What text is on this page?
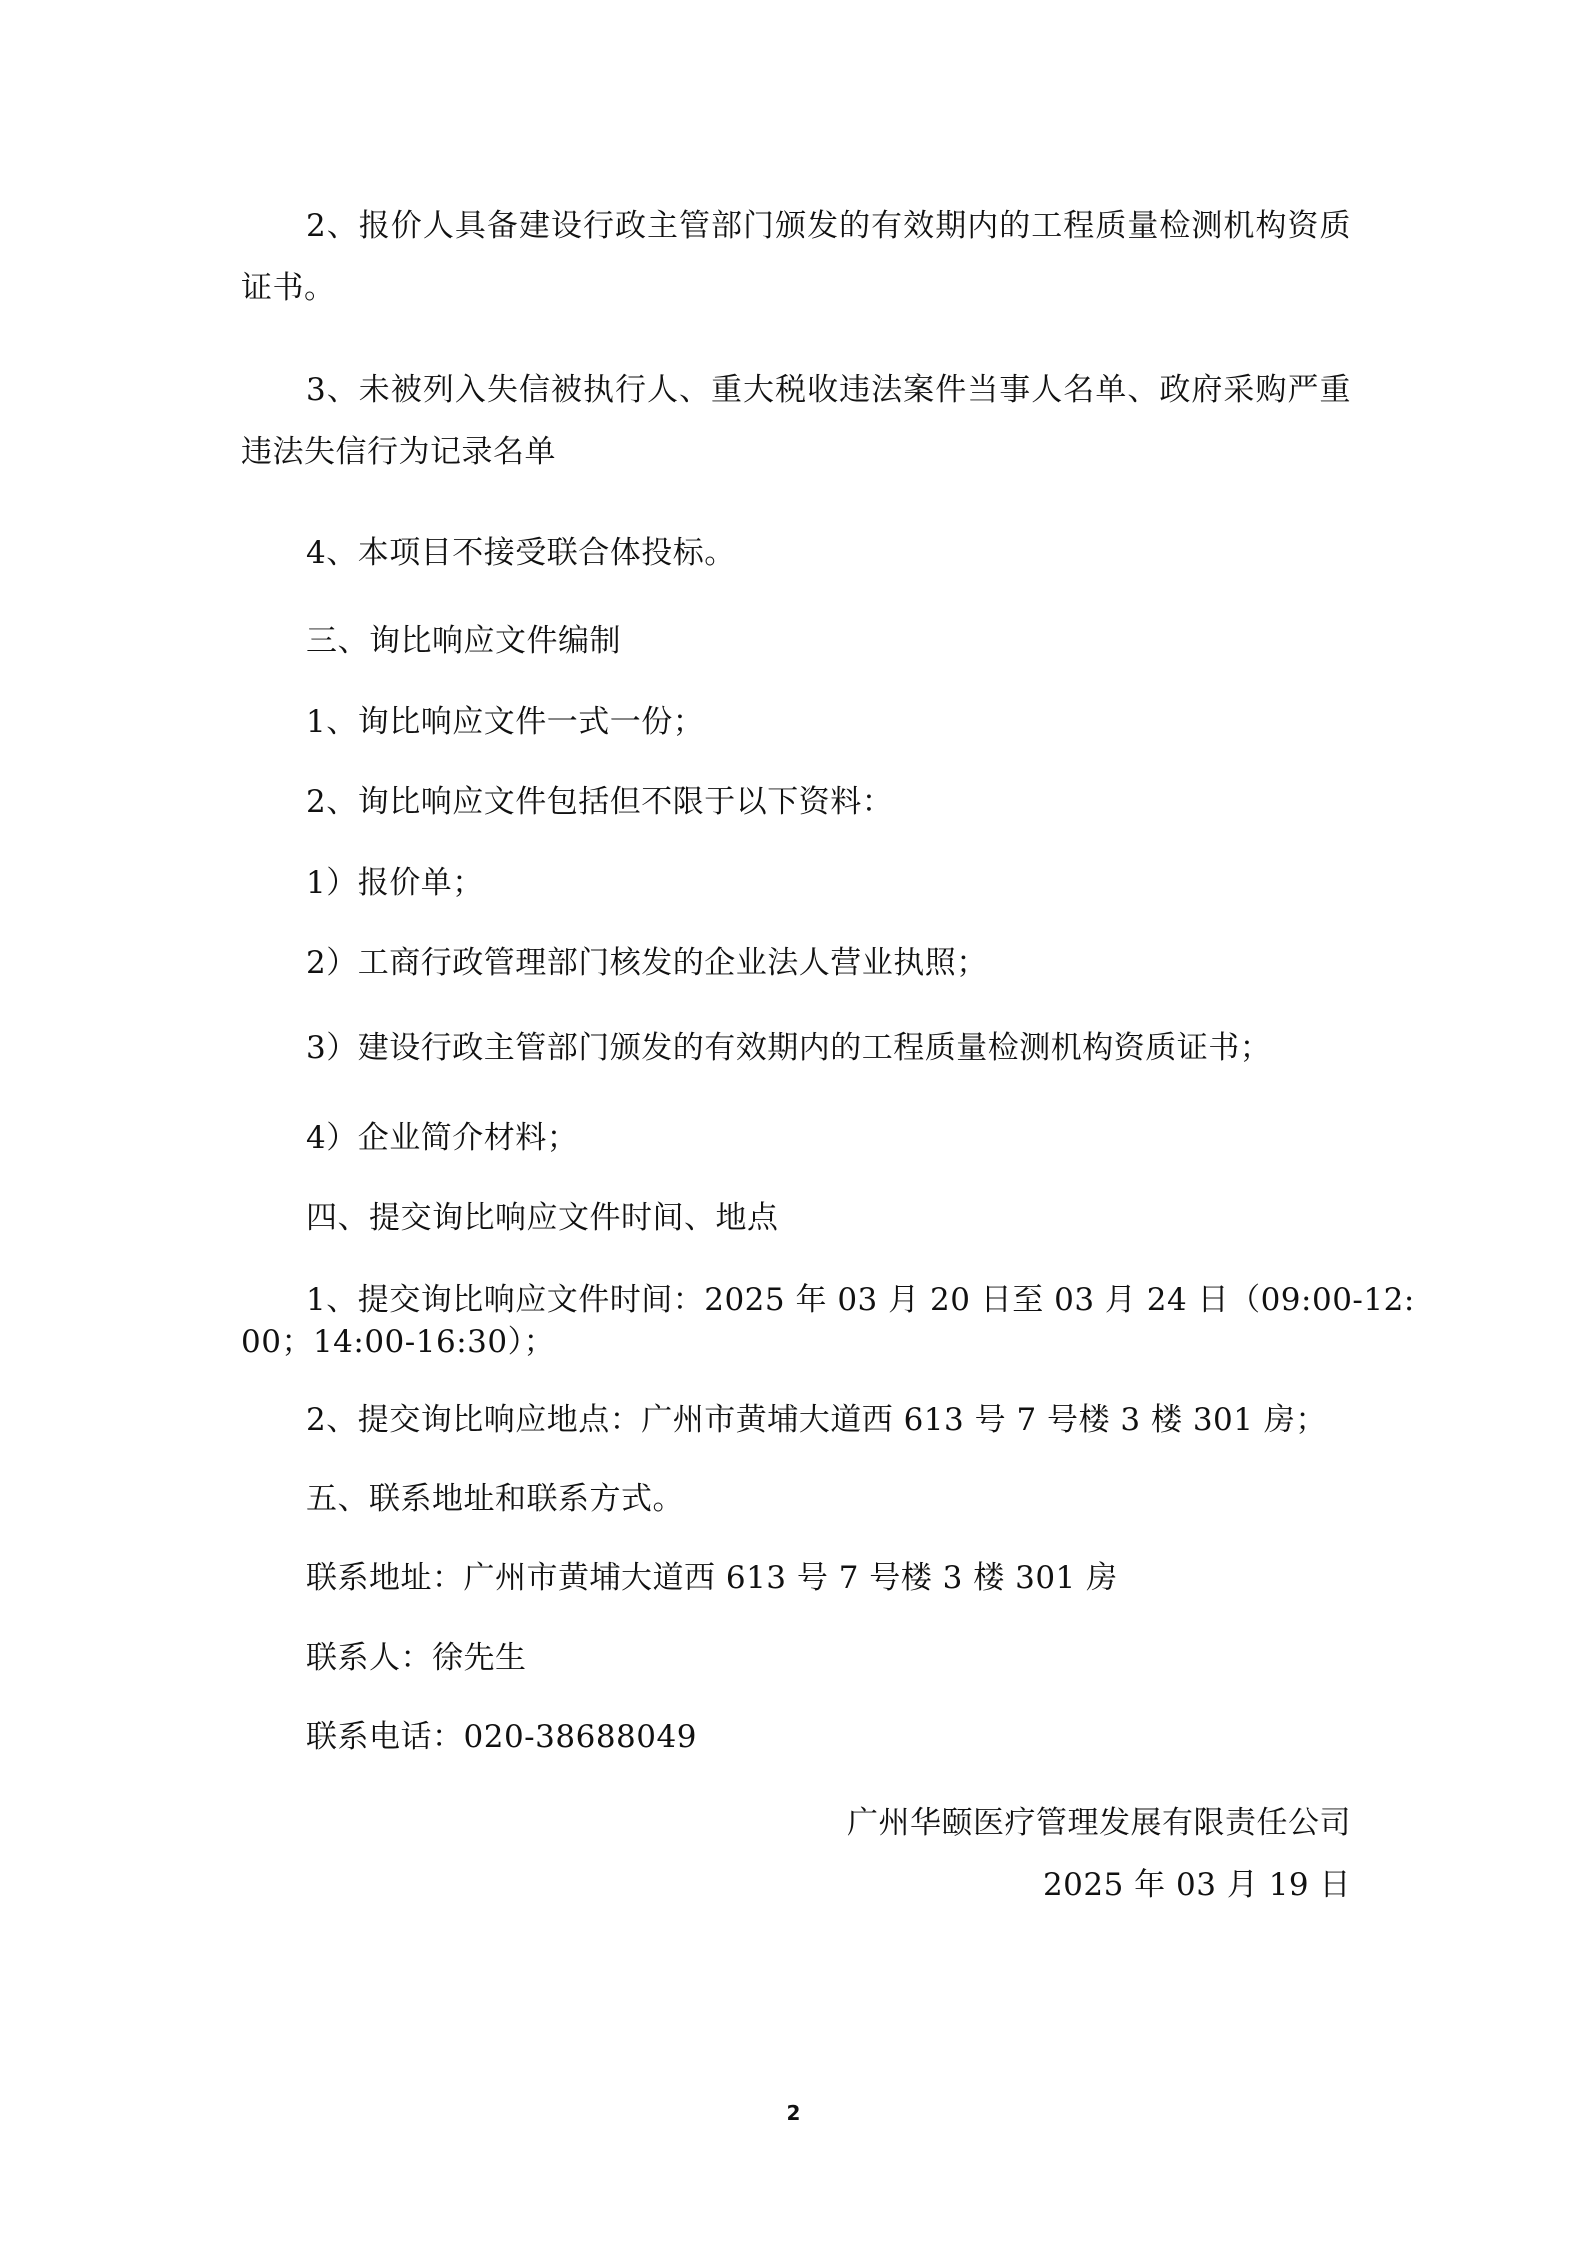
2、报价人具备建设行政主管部门颁发的有效期内的工程质量检测机构资质
证书。
3、未被列入失信被执行人、重大税收违法案件当事人名单、政府采购严重
违法失信行为记录名单
4、本项目不接受联合体投标。
三、询比响应文件编制
1、询比响应文件一式一份；
2、询比响应文件包括但不限于以下资料：
1）报价单；
2）工商行政管理部门核发的企业法人营业执照；
3）建设行政主管部门颁发的有效期内的工程质量检测机构资质证书；
4）企业简介材料；
四、提交询比响应文件时间、地点
1、提交询比响应文件时间：2025 年 03 月 20 日至 03 月 24 日（09:00-12:
00；14:00-16:30）；
2、提交询比响应地点：广州市黄埔大道西 613 号 7 号楼 3 楼 301 房；
五、联系地址和联系方式。
联系地址：广州市黄埔大道西 613 号 7 号楼 3 楼 301 房
联系人：徐先生
联系电话：020-38688049
广州华颐医疗管理发展有限责任公司
2025 年 03 月 19 日
2
